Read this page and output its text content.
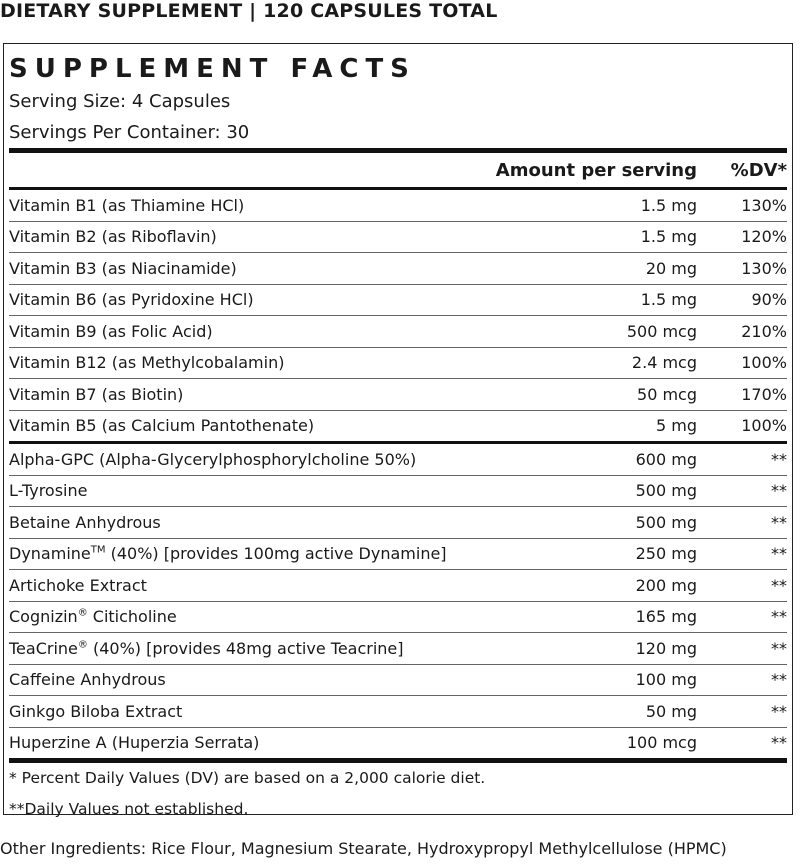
DIETARY SUPPLEMENT | 120 CAPSULES TOTAL
SUPPLEMENT FACTS
Serving Size: 4 Capsules
Servings Per Container: 30
Amount per serving	%DV*
Vitamin B1 (as Thiamine HCl)	1.5 mg	130%
Vitamin B2 (as Riboflavin)	1.5 mg	120%
Vitamin B3 (as Niacinamide)	20 mg	130%
Vitamin B6 (as Pyridoxine HCl)	1.5 mg	90%
Vitamin B9 (as Folic Acid)	500 mcg	210%
Vitamin B12 (as Methylcobalamin)	2.4 mcg	100%
Vitamin B7 (as Biotin)	50 mcg	170%
Vitamin B5 (as Calcium Pantothenate)	5 mg	100%
Alpha-GPC (Alpha-Glycerylphosphorylcholine 50%)	600 mg	**
L-Tyrosine	500 mg	**
Betaine Anhydrous	500 mg	**
Dynamine™ (40%) [provides 100mg active Dynamine]	250 mg	**
Artichoke Extract	200 mg	**
Cognizin® Citicholine	165 mg	**
TeaCrine® (40%) [provides 48mg active Teacrine]	120 mg	**
Caffeine Anhydrous	100 mg	**
Ginkgo Biloba Extract	50 mg	**
Huperzine A (Huperzia Serrata)	100 mcg	**
* Percent Daily Values (DV) are based on a 2,000 calorie diet.
**Daily Values not established.
Other Ingredients: Rice Flour, Magnesium Stearate, Hydroxypropyl Methylcellulose (HPMC)
